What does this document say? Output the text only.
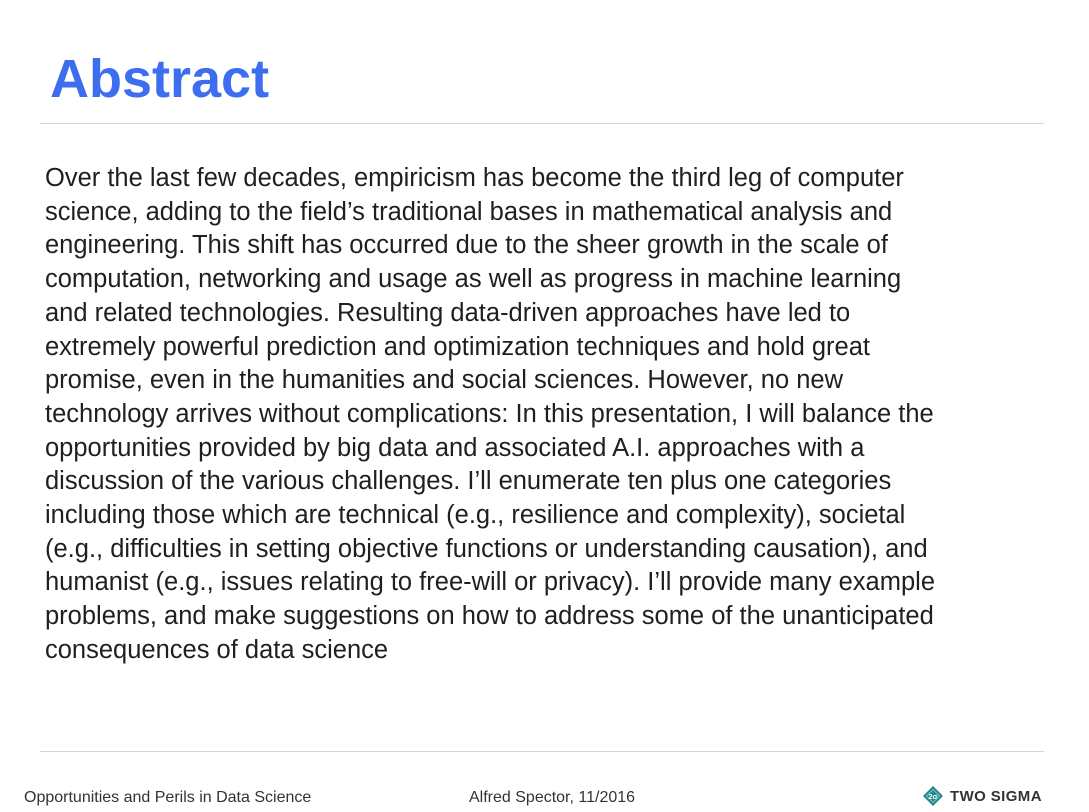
Abstract

Over the last few decades, empiricism has become the third leg of computer
science, adding to the field’s traditional bases in mathematical analysis and
engineering. This shift has occurred due to the sheer growth in the scale of
computation, networking and usage as well as progress in machine learning
and related technologies. Resulting data-driven approaches have led to
extremely powerful prediction and optimization techniques and hold great
promise, even in the humanities and social sciences. However, no new
technology arrives without complications: In this presentation, I will balance the
opportunities provided by big data and associated A.I. approaches with a
discussion of the various challenges. I’ll enumerate ten plus one categories
including those which are technical (e.g., resilience and complexity), societal
(e.g., difficulties in setting objective functions or understanding causation), and
humanist (e.g., issues relating to free-will or privacy). I’ll provide many example
problems, and make suggestions on how to address some of the unanticipated
consequences of data science

Opportunities and Perils in Data Science	Alfred Spector, 11/2016	2σ TWO SIGMA
